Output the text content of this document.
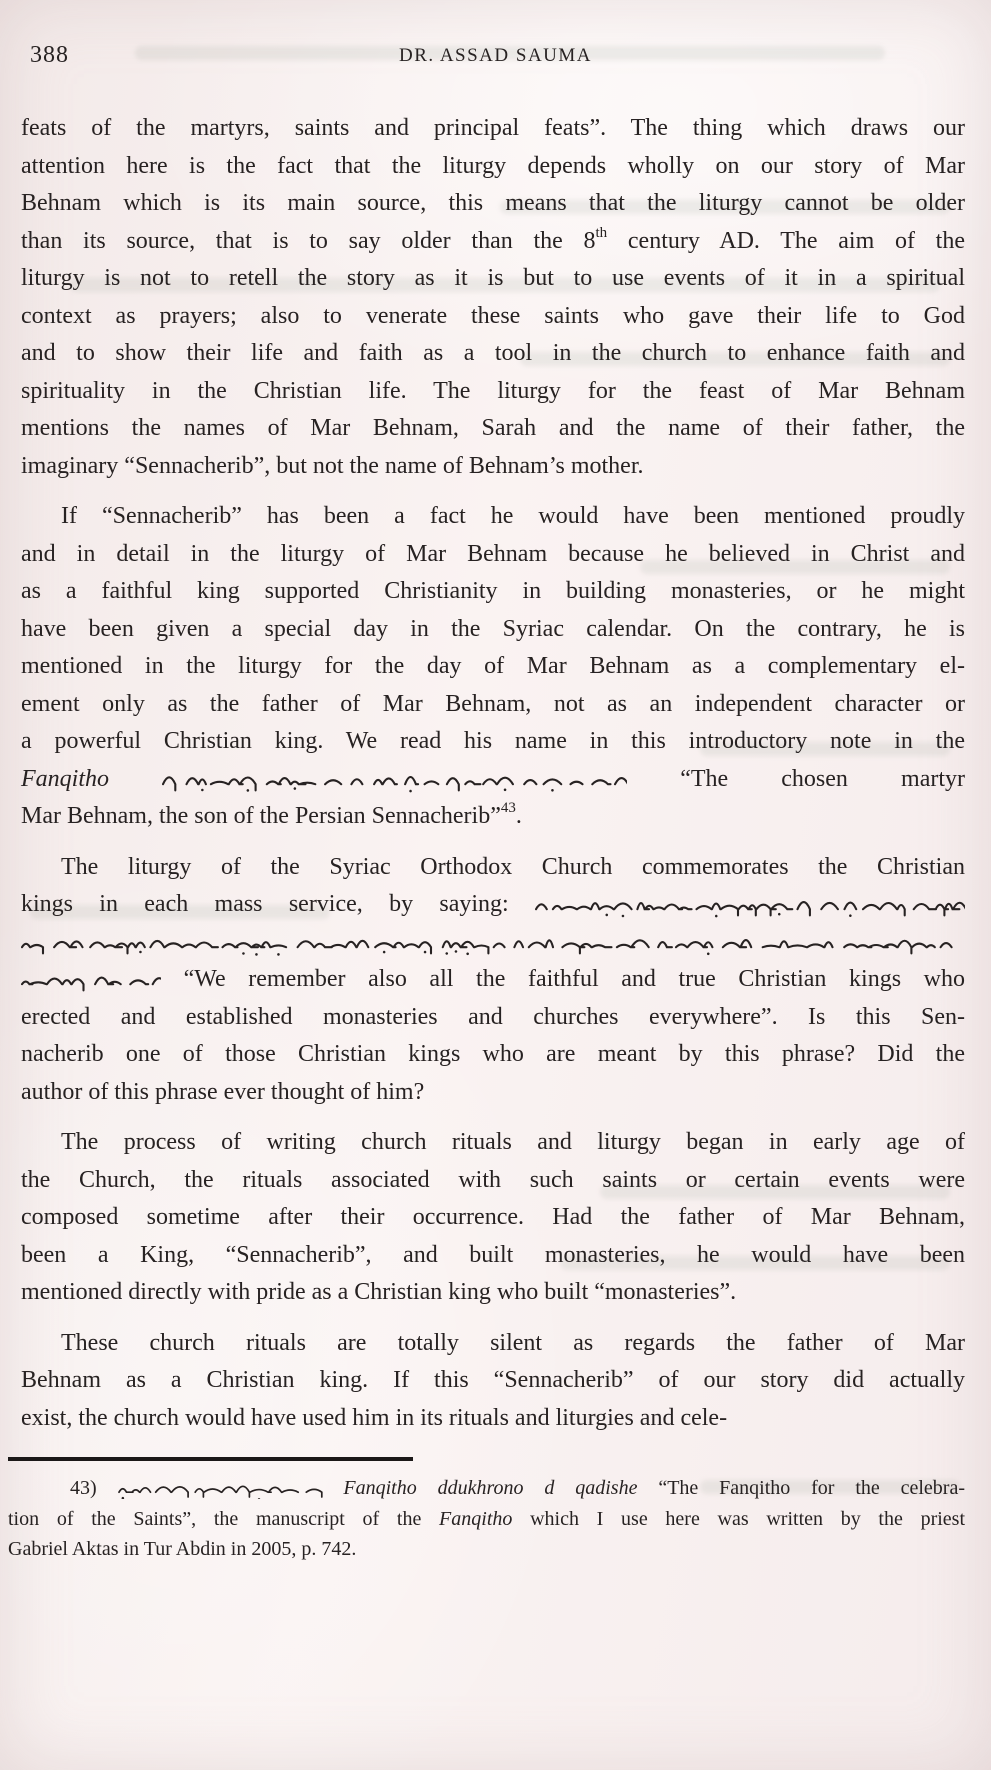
388	DR. ASSAD SAUMA

feats of the martyrs, saints and principal feats”. The thing which draws our
attention here is the fact that the liturgy depends wholly on our story of Mar
Behnam which is its main source, this means that the liturgy cannot be older
than its source, that is to say older than the 8th century AD. The aim of the
liturgy is not to retell the story as it is but to use events of it in a spiritual
context as prayers; also to venerate these saints who gave their life to God
and to show their life and faith as a tool in the church to enhance faith and
spirituality in the Christian life. The liturgy for the feast of Mar Behnam
mentions the names of Mar Behnam, Sarah and the name of their father, the
imaginary “Sennacherib”, but not the name of Behnam’s mother.

If “Sennacherib” has been a fact he would have been mentioned proudly
and in detail in the liturgy of Mar Behnam because he believed in Christ and
as a faithful king supported Christianity in building monasteries, or he might
have been given a special day in the Syriac calendar. On the contrary, he is
mentioned in the liturgy for the day of Mar Behnam as a complementary el-
ement only as the father of Mar Behnam, not as an independent character or
a powerful Christian king. We read his name in this introductory note in the
Fanqitho	“The chosen martyr
Mar Behnam, the son of the Persian Sennacherib”$^{43}$.

The liturgy of the Syriac Orthodox Church commemorates the Christian
kings in each mass service, by saying:
“We remember also all the faithful and true Christian kings who
erected and established monasteries and churches everywhere”. Is this Sen-
nacherib one of those Christian kings who are meant by this phrase? Did the
author of this phrase ever thought of him?

The process of writing church rituals and liturgy began in early age of
the Church, the rituals associated with such saints or certain events were
composed sometime after their occurrence. Had the father of Mar Behnam,
been a King, “Sennacherib”, and built monasteries, he would have been
mentioned directly with pride as a Christian king who built “monasteries”.

These church rituals are totally silent as regards the father of Mar
Behnam as a Christian king. If this “Sennacherib” of our story did actually
exist, the church would have used him in its rituals and liturgies and cele-

43)	Fanqitho ddukhrono d qadishe “The Fanqitho for the celebra-
tion of the Saints”, the manuscript of the Fanqitho which I use here was written by the priest
Gabriel Aktas in Tur Abdin in 2005, p. 742.
